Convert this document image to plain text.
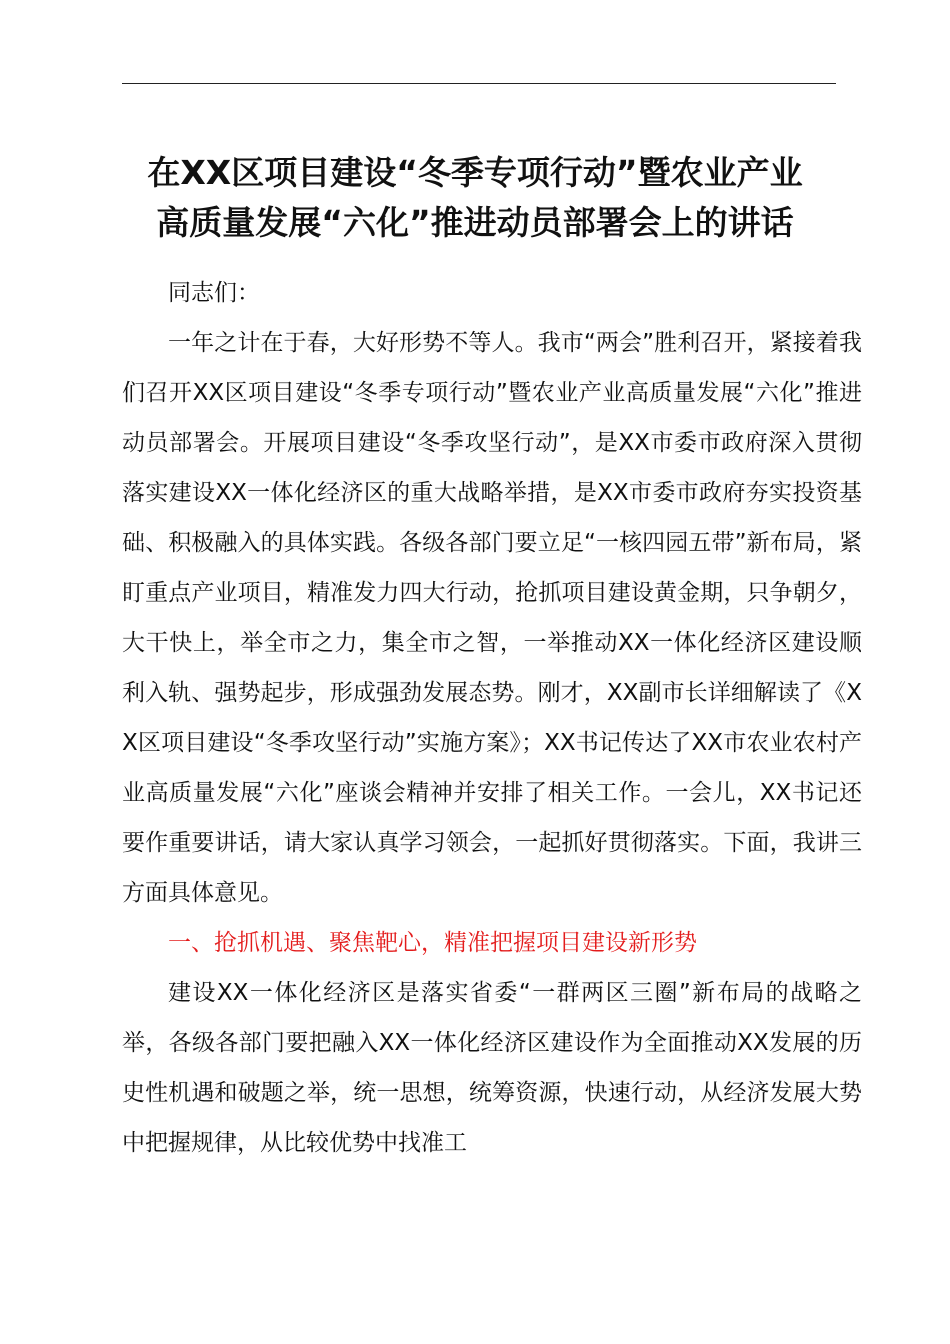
在XX区项目建设“冬季专项行动”暨农业产业
高质量发展“六化”推进动员部署会上的讲话

同志们：

一年之计在于春，大好形势不等人。我市“两会”胜利召开，紧接着我们召开XX区项目建设“冬季专项行动”暨农业产业高质量发展“六化”推进动员部署会。开展项目建设“冬季攻坚行动”，是XX市委市政府深入贯彻落实建设XX一体化经济区的重大战略举措，是XX市委市政府夯实投资基础、积极融入的具体实践。各级各部门要立足“一核四园五带”新布局，紧盯重点产业项目，精准发力四大行动，抢抓项目建设黄金期，只争朝夕，大干快上，举全市之力，集全市之智，一举推动XX一体化经济区建设顺利入轨、强势起步，形成强劲发展态势。刚才，XX副市长详细解读了《XX区项目建设“冬季攻坚行动”实施方案》；XX书记传达了XX市农业农村产业高质量发展“六化”座谈会精神并安排了相关工作。一会儿，XX书记还要作重要讲话，请大家认真学习领会，一起抓好贯彻落实。下面，我讲三方面具体意见。

一、抢抓机遇、聚焦靶心，精准把握项目建设新形势

建设XX一体化经济区是落实省委“一群两区三圈”新布局的战略之举，各级各部门要把融入XX一体化经济区建设作为全面推动XX发展的历史性机遇和破题之举，统一思想，统筹资源，快速行动，从经济发展大势中把握规律，从比较优势中找准工
